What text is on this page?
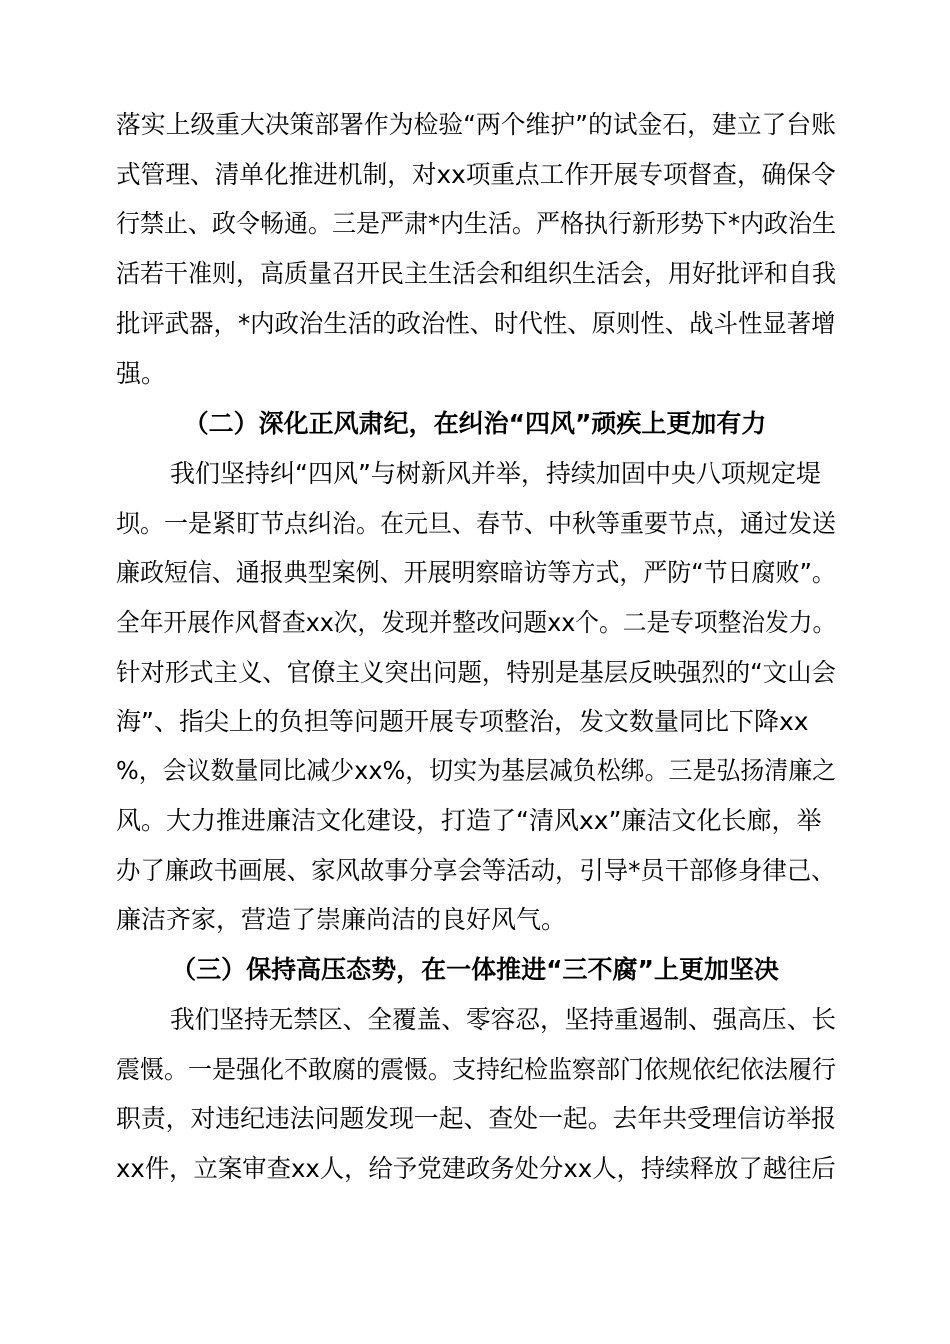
落实上级重大决策部署作为检验“两个维护”的试金石，建立了台账
式管理、清单化推进机制，对xx项重点工作开展专项督查，确保令
行禁止、政令畅通。三是严肃*内生活。严格执行新形势下*内政治生
活若干准则，高质量召开民主生活会和组织生活会，用好批评和自我
批评武器，*内政治生活的政治性、时代性、原则性、战斗性显著增
强。
（二）深化正风肃纪，在纠治“四风”顽疾上更加有力
我们坚持纠“四风”与树新风并举，持续加固中央八项规定堤
坝。一是紧盯节点纠治。在元旦、春节、中秋等重要节点，通过发送
廉政短信、通报典型案例、开展明察暗访等方式，严防“节日腐败”。
全年开展作风督查xx次，发现并整改问题xx个。二是专项整治发力。
针对形式主义、官僚主义突出问题，特别是基层反映强烈的“文山会
海”、指尖上的负担等问题开展专项整治，发文数量同比下降xx
%，会议数量同比减少xx%，切实为基层减负松绑。三是弘扬清廉之
风。大力推进廉洁文化建设，打造了“清风xx”廉洁文化长廊，举
办了廉政书画展、家风故事分享会等活动，引导*员干部修身律己、
廉洁齐家，营造了崇廉尚洁的良好风气。
（三）保持高压态势，在一体推进“三不腐”上更加坚决
我们坚持无禁区、全覆盖、零容忍，坚持重遏制、强高压、长
震慑。一是强化不敢腐的震慑。支持纪检监察部门依规依纪依法履行
职责，对违纪违法问题发现一起、查处一起。去年共受理信访举报
xx件，立案审查xx人，给予党建政务处分xx人，持续释放了越往后
